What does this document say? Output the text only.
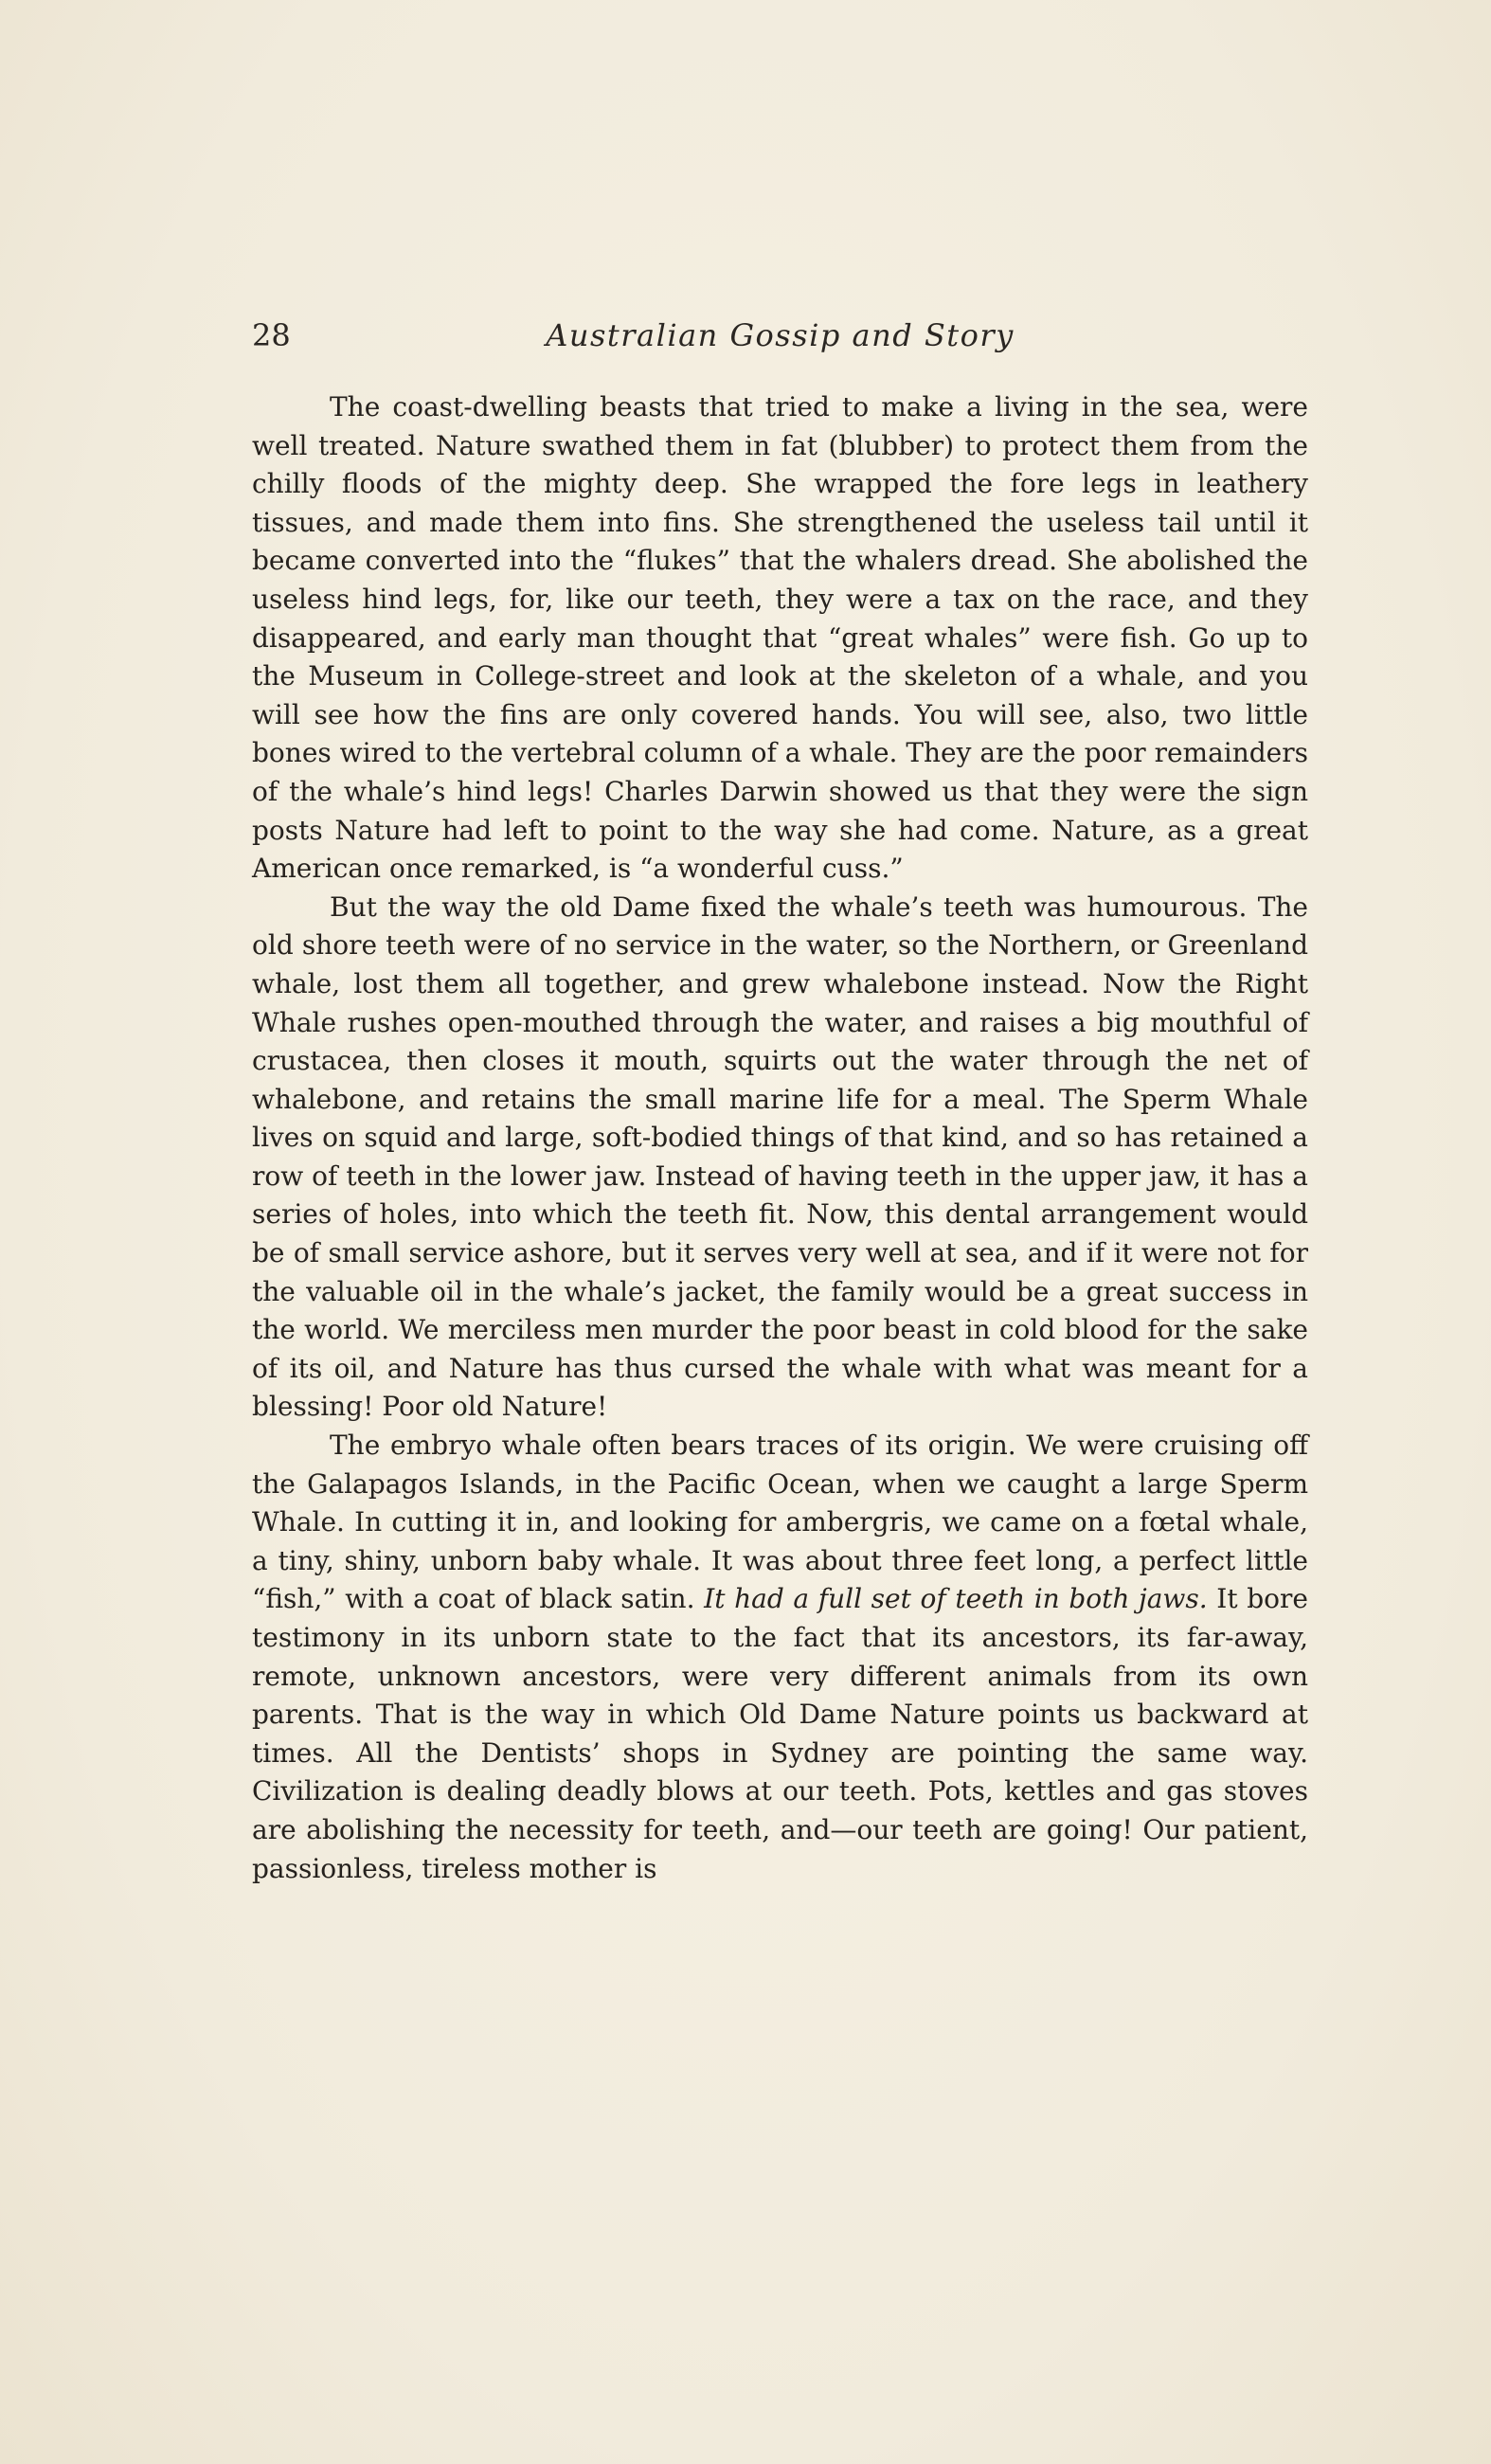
28	Australian Gossip and Story

The coast-dwelling beasts that tried to make a living in the sea, were well treated. Nature swathed them in fat (blubber) to protect them from the chilly floods of the mighty deep. She wrapped the fore legs in leathery tissues, and made them into fins. She strengthened the useless tail until it became converted into the “flukes” that the whalers dread. She abolished the useless hind legs, for, like our teeth, they were a tax on the race, and they disappeared, and early man thought that “great whales” were fish. Go up to the Museum in College-street and look at the skeleton of a whale, and you will see how the fins are only covered hands. You will see, also, two little bones wired to the vertebral column of a whale. They are the poor remainders of the whale’s hind legs! Charles Darwin showed us that they were the sign posts Nature had left to point to the way she had come. Nature, as a great American once remarked, is “a wonderful cuss.”

But the way the old Dame fixed the whale’s teeth was humourous. The old shore teeth were of no service in the water, so the Northern, or Greenland whale, lost them all together, and grew whalebone instead. Now the Right Whale rushes open-mouthed through the water, and raises a big mouthful of crustacea, then closes it mouth, squirts out the water through the net of whalebone, and retains the small marine life for a meal. The Sperm Whale lives on squid and large, soft-bodied things of that kind, and so has retained a row of teeth in the lower jaw. Instead of having teeth in the upper jaw, it has a series of holes, into which the teeth fit. Now, this dental arrangement would be of small service ashore, but it serves very well at sea, and if it were not for the valuable oil in the whale’s jacket, the family would be a great success in the world. We merciless men murder the poor beast in cold blood for the sake of its oil, and Nature has thus cursed the whale with what was meant for a blessing! Poor old Nature!

The embryo whale often bears traces of its origin. We were cruising off the Galapagos Islands, in the Pacific Ocean, when we caught a large Sperm Whale. In cutting it in, and looking for ambergris, we came on a fœtal whale, a tiny, shiny, unborn baby whale. It was about three feet long, a perfect little “fish,” with a coat of black satin. It had a full set of teeth in both jaws. It bore testimony in its unborn state to the fact that its ancestors, its far-away, remote, unknown ancestors, were very different animals from its own parents. That is the way in which Old Dame Nature points us backward at times. All the Dentists’ shops in Sydney are pointing the same way. Civilization is dealing deadly blows at our teeth. Pots, kettles and gas stoves are abolishing the necessity for teeth, and—our teeth are going! Our patient, passionless, tireless mother is
